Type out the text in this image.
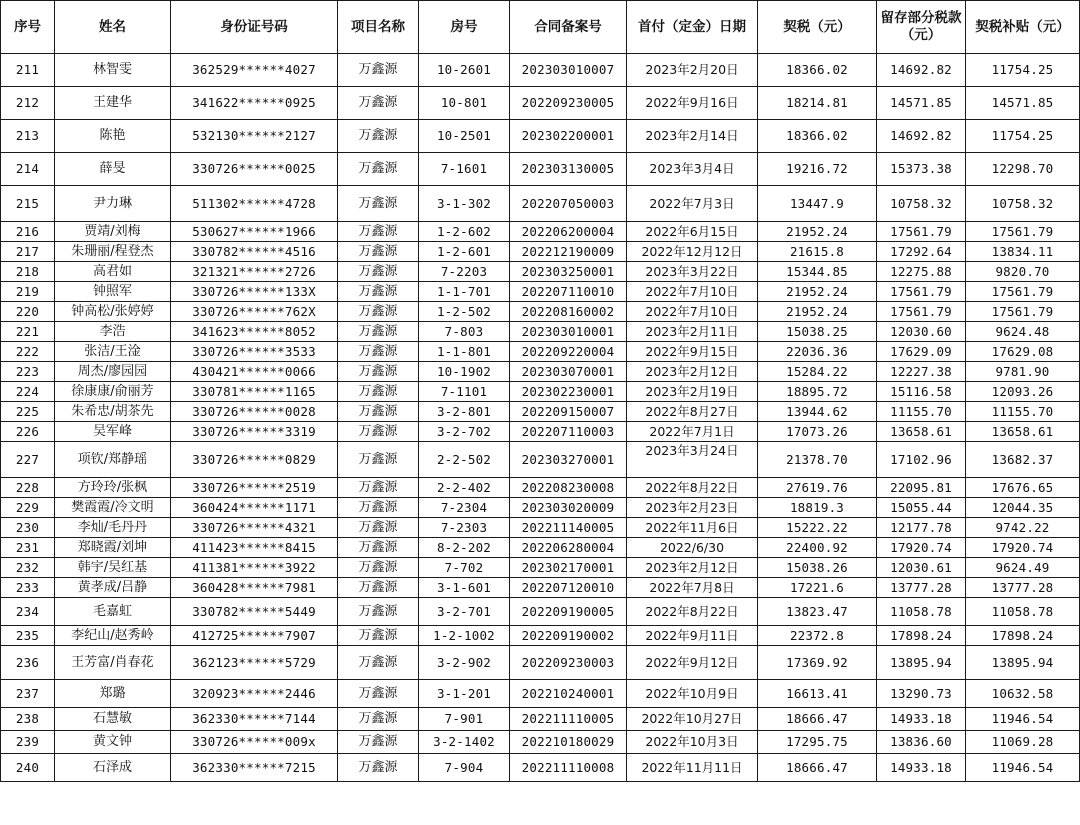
序号	姓名	身份证号码	项目名称	房号	合同备案号	首付（定金）日期	契税（元）	留存部分税款（元）	契税补贴（元）
211	林智雯	362529******4027	万鑫源	10-2601	202303010007	2023年2月20日	18366.02	14692.82	11754.25
212	王建华	341622******0925	万鑫源	10-801	202209230005	2022年9月16日	18214.81	14571.85	14571.85
213	陈艳	532130******2127	万鑫源	10-2501	202302200001	2023年2月14日	18366.02	14692.82	11754.25
214	薛旻	330726******0025	万鑫源	7-1601	202303130005	2023年3月4日	19216.72	15373.38	12298.70
215	尹力琳	511302******4728	万鑫源	3-1-302	202207050003	2022年7月3日	13447.9	10758.32	10758.32
216	贾靖/刘梅	530627******1966	万鑫源	1-2-602	202206200004	2022年6月15日	21952.24	17561.79	17561.79
217	朱珊丽/程登杰	330782******4516	万鑫源	1-2-601	202212190009	2022年12月12日	21615.8	17292.64	13834.11
218	高君如	321321******2726	万鑫源	7-2203	202303250001	2023年3月22日	15344.85	12275.88	9820.70
219	钟照军	330726******133X	万鑫源	1-1-701	202207110010	2022年7月10日	21952.24	17561.79	17561.79
220	钟高松/张婷婷	330726******762X	万鑫源	1-2-502	202208160002	2022年7月10日	21952.24	17561.79	17561.79
221	李浩	341623******8052	万鑫源	7-803	202303010001	2023年2月11日	15038.25	12030.60	9624.48
222	张洁/王淦	330726******3533	万鑫源	1-1-801	202209220004	2022年9月15日	22036.36	17629.09	17629.08
223	周杰/廖园园	430421******0066	万鑫源	10-1902	202303070001	2023年2月12日	15284.22	12227.38	9781.90
224	徐康康/俞丽芳	330781******1165	万鑫源	7-1101	202302230001	2023年2月19日	18895.72	15116.58	12093.26
225	朱希忠/胡茶先	330726******0028	万鑫源	3-2-801	202209150007	2022年8月27日	13944.62	11155.70	11155.70
226	吴军峰	330726******3319	万鑫源	3-2-702	202207110003	2022年7月1日	17073.26	13658.61	13658.61
227	项钦/郑静瑶	330726******0829	万鑫源	2-2-502	202303270001	2023年3月24日	21378.70	17102.96	13682.37
228	方玲玲/张枫	330726******2519	万鑫源	2-2-402	202208230008	2022年8月22日	27619.76	22095.81	17676.65
229	樊霞霞/冷文明	360424******1171	万鑫源	7-2304	202303020009	2023年2月23日	18819.3	15055.44	12044.35
230	李灿/毛丹丹	330726******4321	万鑫源	7-2303	202211140005	2022年11月6日	15222.22	12177.78	9742.22
231	郑晓霞/刘坤	411423******8415	万鑫源	8-2-202	202206280004	2022/6/30	22400.92	17920.74	17920.74
232	韩宇/吴红基	411381******3922	万鑫源	7-702	202302170001	2023年2月12日	15038.26	12030.61	9624.49
233	黄孝成/吕静	360428******7981	万鑫源	3-1-601	202207120010	2022年7月8日	17221.6	13777.28	13777.28
234	毛嘉虹	330782******5449	万鑫源	3-2-701	202209190005	2022年8月22日	13823.47	11058.78	11058.78
235	李纪山/赵秀岭	412725******7907	万鑫源	1-2-1002	202209190002	2022年9月11日	22372.8	17898.24	17898.24
236	王芳富/肖春花	362123******5729	万鑫源	3-2-902	202209230003	2022年9月12日	17369.92	13895.94	13895.94
237	郑璐	320923******2446	万鑫源	3-1-201	202210240001	2022年10月9日	16613.41	13290.73	10632.58
238	石慧敏	362330******7144	万鑫源	7-901	202211110005	2022年10月27日	18666.47	14933.18	11946.54
239	黄文钟	330726******009x	万鑫源	3-2-1402	202210180029	2022年10月3日	17295.75	13836.60	11069.28
240	石泽成	362330******7215	万鑫源	7-904	202211110008	2022年11月11日	18666.47	14933.18	11946.54
